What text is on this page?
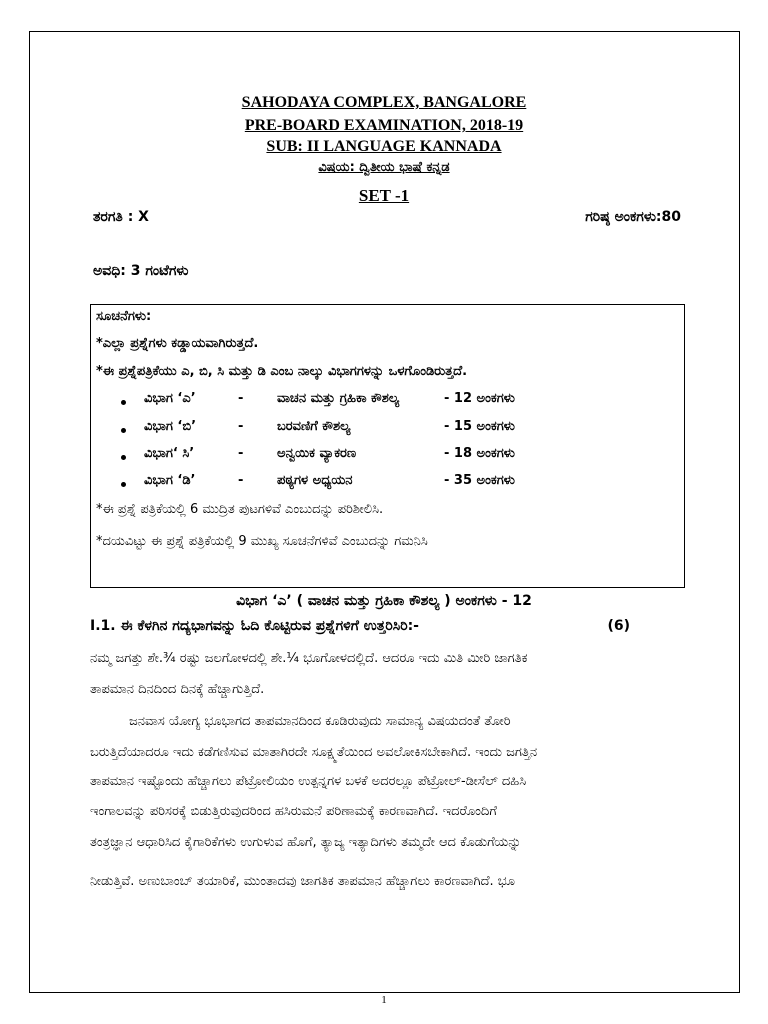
SAHODAYA COMPLEX, BANGALORE
PRE-BOARD EXAMINATION, 2018-19
SUB: II LANGUAGE KANNADA
ವಿಷಯ: ದ್ವಿತೀಯ ಭಾಷೆ ಕನ್ನಡ
SET -1
ತರಗತಿ : X	ಗರಿಷ್ಠ ಅಂಕಗಳು:80
ಅವಧಿ: 3 ಗಂಟೆಗಳು
ಸೂಚನೆಗಳು:
*ಎಲ್ಲಾ ಪ್ರಶ್ನೆಗಳು ಕಡ್ಡಾಯವಾಗಿರುತ್ತದೆ.
*ಈ ಪ್ರಶ್ನೆಪತ್ರಿಕೆಯು ಎ, ಬಿ, ಸಿ ಮತ್ತು ಡಿ ಎಂಬ ನಾಲ್ಕು ವಿಭಾಗಗಳನ್ನು ಒಳಗೊಂಡಿರುತ್ತದೆ.
ವಿಭಾಗ ‘ಎ’	-	ವಾಚನ ಮತ್ತು ಗ್ರಹಿಕಾ ಕೌಶಲ್ಯ	- 12 ಅಂಕಗಳು
ವಿಭಾಗ ‘ಬಿ’	-	ಬರವಣಿಗೆ ಕೌಶಲ್ಯ	- 15 ಅಂಕಗಳು
ವಿಭಾಗ‘ ಸಿ’	-	ಅನ್ವಯಿಕ ವ್ಯಾಕರಣ	- 18 ಅಂಕಗಳು
ವಿಭಾಗ ‘ಡಿ’	-	ಪಠ್ಯಗಳ ಅಧ್ಯಯನ	- 35 ಅಂಕಗಳು
*ಈ ಪ್ರಶ್ನೆ ಪತ್ರಿಕೆಯಲ್ಲಿ 6 ಮುದ್ರಿತ ಪುಟಗಳಿವೆ ಎಂಬುದನ್ನು ಪರಿಶೀಲಿಸಿ.
*ದಯವಿಟ್ಟು ಈ ಪ್ರಶ್ನೆ ಪತ್ರಿಕೆಯಲ್ಲಿ 9 ಮುಖ್ಯ ಸೂಚನೆಗಳಿವೆ ಎಂಬುದನ್ನು ಗಮನಿಸಿ
ವಿಭಾಗ ‘ಎ’ ( ವಾಚನ ಮತ್ತು ಗ್ರಹಿಕಾ ಕೌಶಲ್ಯ ) ಅಂಕಗಳು - 12
I.1. ಈ ಕೆಳಗಿನ ಗದ್ಯಭಾಗವನ್ನು ಓದಿ ಕೊಟ್ಟಿರುವ ಪ್ರಶ್ನೆಗಳಿಗೆ ಉತ್ತರಿಸಿರಿ:-	(6)
ನಮ್ಮ ಜಗತ್ತು ಶೇ.¾ ರಷ್ಟು ಜಲಗೋಳದಲ್ಲಿ ಶೇ.¼ ಭೂಗೋಳದಲ್ಲಿದೆ. ಆದರೂ ಇದು ಮಿತಿ ಮೀರಿ ಜಾಗತಿಕ
ತಾಪಮಾನ ದಿನದಿಂದ ದಿನಕ್ಕೆ ಹೆಚ್ಚಾಗುತ್ತಿದೆ.
ಜನವಾಸ ಯೋಗ್ಯ ಭೂಭಾಗದ ತಾಪಮಾನದಿಂದ ಕೂಡಿರುವುದು ಸಾಮಾನ್ಯ ವಿಷಯದಂತೆ ತೋರಿ
ಬರುತ್ತಿದೆಯಾದರೂ ಇದು ಕಡೆಗಣಿಸುವ ಮಾತಾಗಿರದೇ ಸೂಕ್ಷ್ಮತೆಯಿಂದ ಅವಲೋಕಿಸಬೇಕಾಗಿದೆ. ಇಂದು ಜಗತ್ತಿನ
ತಾಪಮಾನ ಇಷ್ಟೊಂದು ಹೆಚ್ಚಾಗಲು ಪೆಟ್ರೋಲಿಯಂ ಉತ್ಪನ್ನಗಳ ಬಳಕೆ ಅದರಲ್ಲೂ ಪೆಟ್ರೋಲ್-ಡೀಸೆಲ್ ದಹಿಸಿ
ಇಂಗಾಲವನ್ನು ಪರಿಸರಕ್ಕೆ ಬಿಡುತ್ತಿರುವುದರಿಂದ ಹಸಿರುಮನೆ ಪರಿಣಾಮಕ್ಕೆ ಕಾರಣವಾಗಿದೆ. ಇದರೊಂದಿಗೆ
ತಂತ್ರಜ್ಞಾನ ಆಧಾರಿಸಿದ ಕೈಗಾರಿಕೆಗಳು ಉಗುಳುವ ಹೊಗೆ, ತ್ಯಾಜ್ಯ ಇತ್ಯಾದಿಗಳು ತಮ್ಮದೇ ಆದ ಕೊಡುಗೆಯನ್ನು
ನೀಡುತ್ತಿವೆ. ಅಣುಬಾಂಬ್ ತಯಾರಿಕೆ, ಮುಂತಾದವು ಜಾಗತಿಕ ತಾಪಮಾನ ಹೆಚ್ಚಾಗಲು ಕಾರಣವಾಗಿದೆ. ಭೂ
1
